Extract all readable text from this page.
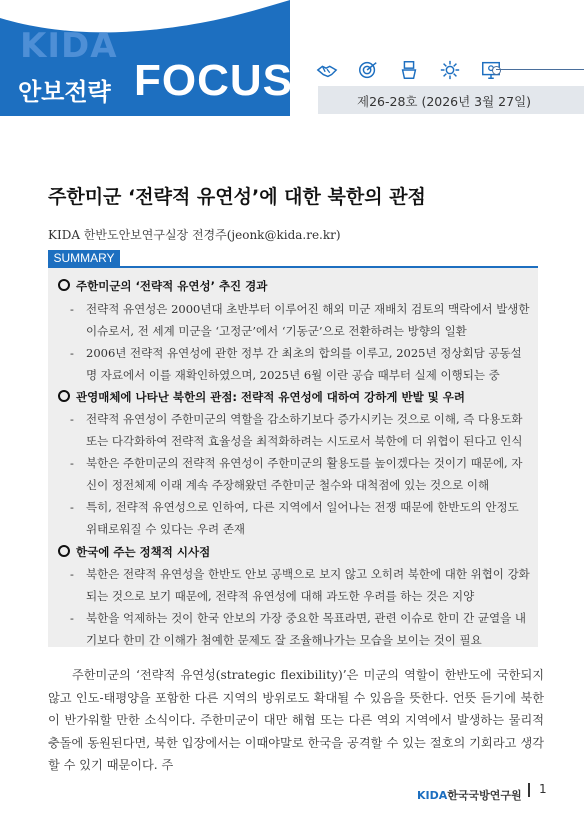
KIDA
안보전략 FOCUS	제26-28호 (2026년 3월 27일)
주한미군 ‘전략적 유연성’에 대한 북한의 관점
KIDA 한반도안보연구실장 전경주(jeonk@kida.re.kr)
SUMMARY
주한미군의 ‘전략적 유연성’ 추진 경과
-	전략적 유연성은 2000년대 초반부터 이루어진 해외 미군 재배치 검토의 맥락에서 발생한 이슈로서, 전 세계 미군을 ‘고정군’에서 ‘기동군’으로 전환하려는 방향의 일환
-	2006년 전략적 유연성에 관한 정부 간 최초의 합의를 이루고, 2025년 정상회담 공동설명 자료에서 이를 재확인하였으며, 2025년 6월 이란 공습 때부터 실제 이행되는 중
관영매체에 나타난 북한의 관점: 전략적 유연성에 대하여 강하게 반발 및 우려
-	전략적 유연성이 주한미군의 역할을 감소하기보다 증가시키는 것으로 이해, 즉 다용도화 또는 다각화하여 전략적 효율성을 최적화하려는 시도로서 북한에 더 위협이 된다고 인식
-	북한은 주한미군의 전략적 유연성이 주한미군의 활용도를 높이겠다는 것이기 때문에, 자신이 정전체제 이래 계속 주장해왔던 주한미군 철수와 대척점에 있는 것으로 이해
-	특히, 전략적 유연성으로 인하여, 다른 지역에서 일어나는 전쟁 때문에 한반도의 안정도 위태로워질 수 있다는 우려 존재
한국에 주는 정책적 시사점
-	북한은 전략적 유연성을 한반도 안보 공백으로 보지 않고 오히려 북한에 대한 위협이 강화되는 것으로 보기 때문에, 전략적 유연성에 대해 과도한 우려를 하는 것은 지양
-	북한을 억제하는 것이 한국 안보의 가장 중요한 목표라면, 관련 이슈로 한미 간 균열을 내기보다 한미 간 이해가 첨예한 문제도 잘 조율해나가는 모습을 보이는 것이 필요

주한미군의 ‘전략적 유연성(strategic flexibility)’은 미군의 역할이 한반도에 국한되지 않고 인도-태평양을 포함한 다른 지역의 방위로도 확대될 수 있음을 뜻한다. 언뜻 듣기에 북한이 반가워할 만한 소식이다. 주한미군이 대만 해협 또는 다른 역외 지역에서 발생하는 물리적 충돌에 동원된다면, 북한 입장에서는 이때야말로 한국을 공격할 수 있는 절호의 기회라고 생각할 수 있기 때문이다. 주

KIDA한국국방연구원 1
